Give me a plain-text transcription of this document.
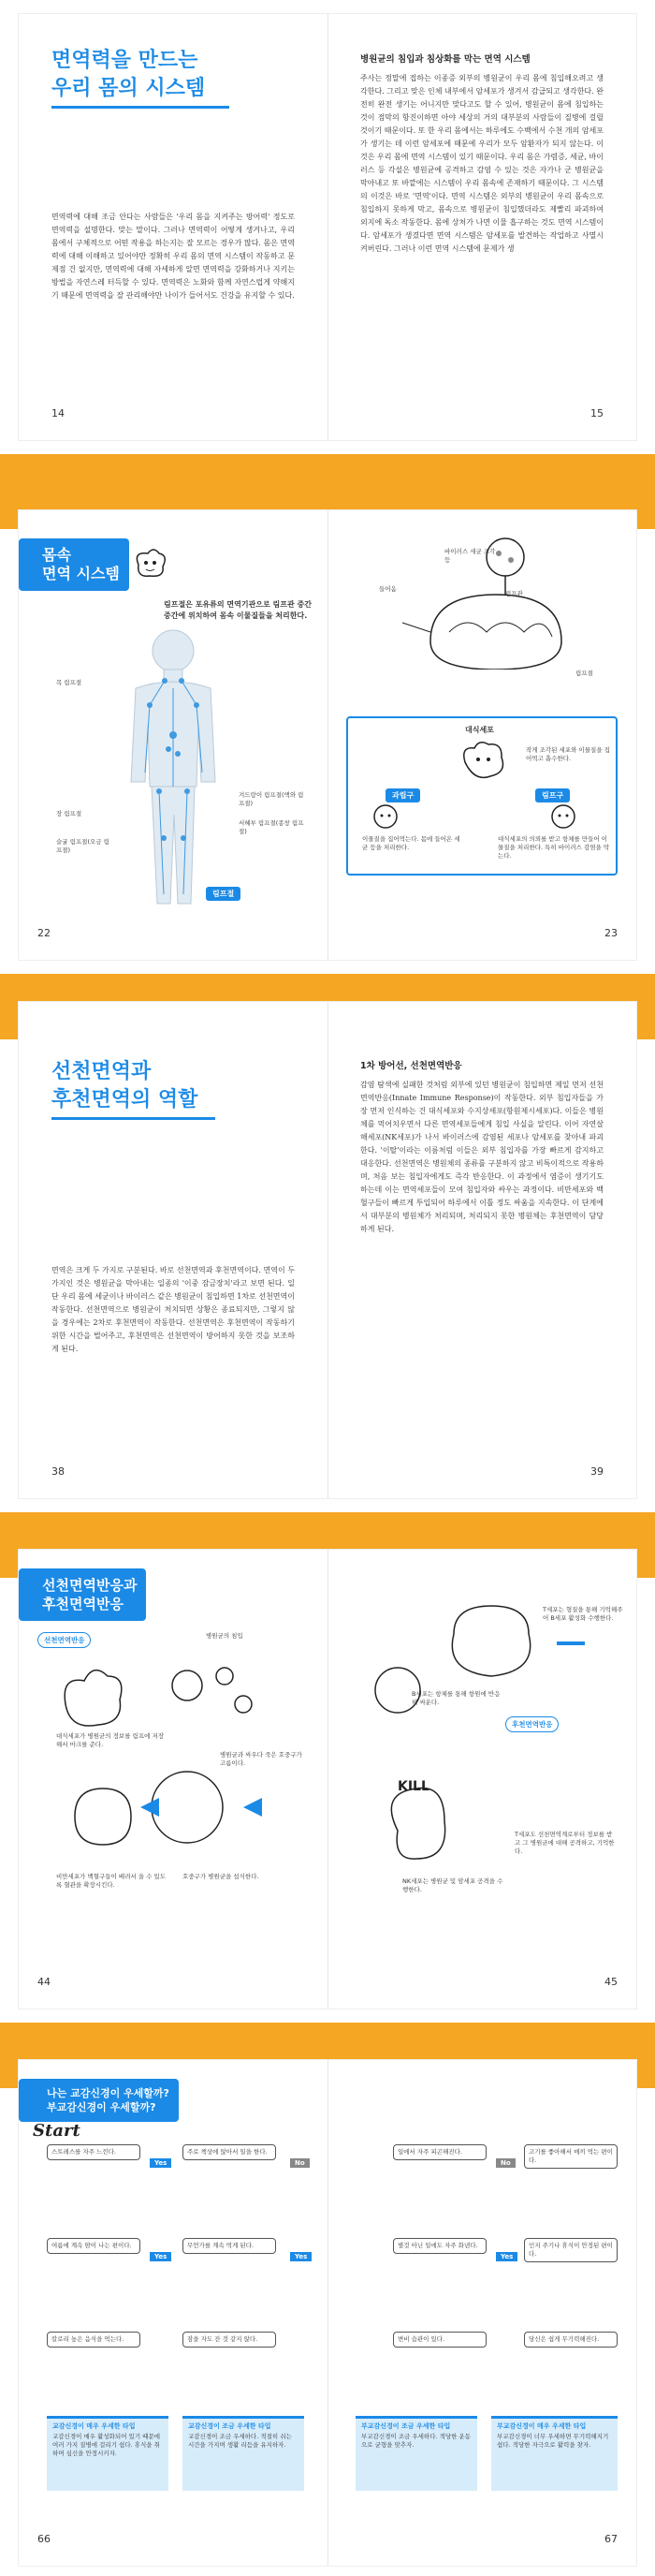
면역력을 만드는
우리 몸의 시스템
면역력에 대해 조금 안다는 사람들은 '우리 몸을 지켜주는 방어력' 정도로 면역력을 설명한다. 맞는 말이다. 그러나 면역력이 어떻게 생겨나고, 우리 몸에서 구체적으로 어떤 작용을 하는지는 잘 모르는 경우가 많다. 몸은 면역력에 대해 이해하고 있어야만 정확히 우리 몸의 면역 시스템이 작동하고 문제점 건 없지만, 면역력에 대해 자세하게 알면 면역력을 강화하거나 지키는 방법을 자연스레 터득할 수 있다. 면역력은 노화와 함께 자연스럽게 약해지기 때문에 면역력을 잘 관리해야만 나이가 들어서도 건강을 유지할 수 있다.
14
병원균의 침입과 침상화를 막는 면역 시스템
주사는 정말에 접하는 이종증 외부의 병원균이 우리 몸에 침입해오려고 생각한다. 그리고 맞은 인체 내부에서 암세포가 생겨서 감급되고 생각한다. 완전히 완전 생기는 어니지만 맞다고도 할 수 있어, 병원균이 몸에 침입하는 것이 점막의 항진이하면 아야 세상의 거의 대부분의 사람들이 질병에 걸릴 것이기 때문이다. 또 한 우리 몸에서는 하루에도 수백에서 수천 개의 암세포가 생기는 데 이런 암세포에 때문에 우리가 모두 암환자가 되지 않는다. 이것은 우리 몸에 면역 시스템이 있기 때문이다. 우리 몸은 가렴증, 세균, 바이러스 등 각설은 병원균에 공격하고 감염 수 있는 것은 자가나 군 병원균을 막아내고 또 바깥에는 시스템이 우리 몸속에 존재하기 때문이다. 그 시스템의 이것은 바로 '면역'이다. 면역 시스템은 외부의 병원균이 우리 몸속으로 침입하지 못하게 막고, 몸속으로 병원균이 침입했더라도 제빨리 파괴하여 외지에 독소 작동한다. 몸에 상처가 나면 이물 흡구하는 것도 면역 시스템이다. 암세포가 생겼다면 면역 시스템은 암세포를 발견하는 작업하고 사멸시켜버린다. 그러나 이런 면역 시스템에 문제가 생
15
몸속
면역 시스템
림프절은 포유류의 면역기관으로 림프관 중간 중간에 위치하여 몸속 이물질들을 처리한다.
목 림프절
장 림프절
슬굴 림프절(오금 림프절)
겨드랑이 림프절(액와 림프절)
서혜부 림프절(종창 림프절)
림프절
22
바이러스 세균 조각 등
들어옴
림프절
림프관
대식세포
작게 조각된 세포와 이물질을 집어먹고 흡수한다.
과립구	림프구
이물질을 집어먹는다. 몸에 들어온 세균 등을 처리한다.
대식세포의 의뢰를 받고 항체를 만들어 이물질을 처리한다. 특히 바이러스 감염을 막는다.
23
선천면역과
후천면역의 역할
면역은 크게 두 가지로 구분된다. 바로 선천면역과 후천면역이다. 면역이 두 가지인 것은 병원균을 막아내는 일종의 '이중 잠금장치'라고 보면 된다. 일단 우리 몸에 세균이나 바이러스 같은 병원균이 침입하면 1차로 선천면역이 작동한다. 선천면역으로 병원균이 처치되면 상황은 종료되지만, 그렇지 않을 경우에는 2차로 후천면역이 작동한다. 선천면역은 후천면역이 작동하기 위한 시간을 벌어주고, 후천면역은 선천면역이 방어하지 못한 것을 보조하게 된다.
38
1차 방어선, 선천면역반응
감염 탐색에 실패한 것처럼 외부에 있던 병원균이 침입하면 제일 먼저 선천면역반응(Innate Immune Response)이 작동한다. 외부 침입자들을 가장 먼저 인식하는 건 대식세포와 수지상세포(항원제시세포)다. 이들은 병원체를 먹어치우면서 다른 면역세포들에게 침입 사실을 알린다. 이어 자연살해세포(NK세포)가 나서 바이러스에 감염된 세포나 암세포를 찾아내 파괴한다. '이탈'이라는 이름처럼 이들은 외부 침입자를 가장 빠르게 감지하고 대응한다. 선천면역은 병원체의 종류를 구분하지 않고 비특이적으로 작용하며, 처음 보는 침입자에게도 즉각 반응한다. 이 과정에서 염증이 생기기도 하는데 이는 면역세포들이 모여 침입자와 싸우는 과정이다. 비만세포와 백혈구들이 빠르게 투입되어 하루에서 이틀 정도 싸움을 지속한다. 이 단계에서 대부분의 병원체가 처리되며, 처리되지 못한 병원체는 후천면역이 담당하게 된다.
39
선천면역반응과
후천면역반응
선천면역반응	병원균의 침입
대식세포가 병원균의 정보를 림프에 저장해서 마크를 준다.
병원균과 싸우다 죽은 호중구가 고름이다.
비만세포가 백혈구들이 배려서 올 수 있도록 혈관을 확장시킨다.
호중구가 병원균을 섭식한다.
44
T세포는 형질을 통해 기억해주어 B세포 활성화 수행한다.
B세포는 항체를 통해 항원에 반응해 싸운다.
후천면역반응
KILL
T세포도 선천면역계로부터 정보를 받고 그 병원균에 대해 공격하고, 기억한다.
NK세포는 병원균 및 암세포 공격을 수행한다.
45
나는 교감신경이 우세할까?
부교감신경이 우세할까?
Start
스트레스를 자주 느낀다.
Yes
주로 책상에 앉아서 일을 한다.
No
일에서 자주 피곤해진다.
No
고기를 좋아해서 매끼 먹는 편이다.
여름에 계속 땀이 나는 편이다.
Yes
무언가를 계속 먹게 된다.
Yes
별것 아닌 일에도 자주 화낸다.
Yes
인지 주기나 휴식이 안정된 편이다.
칼로리 높은 음식을 먹는다.	잠을 자도 잔 것 같지 않다.	변비 습관이 있다.	당신은 쉽게 무기력해진다.
교감신경이 매우 우세한 타입
교감신경이 매우 활성화되어 있기 때문에 여러 가지 질병에 걸리기 쉽다. 휴식을 취하며 심신을 안정시키자.
교감신경이 조금 우세한 타입
교감신경이 조금 우세하다. 적절히 쉬는 시간을 가지며 생활 리듬을 유지하자.
부교감신경이 조금 우세한 타입
부교감신경이 조금 우세하다. 적당한 운동으로 균형을 맞추자.
부교감신경이 매우 우세한 타입
부교감신경이 너무 우세하면 무기력해지기 쉽다. 적당한 자극으로 활력을 찾자.
66	67
